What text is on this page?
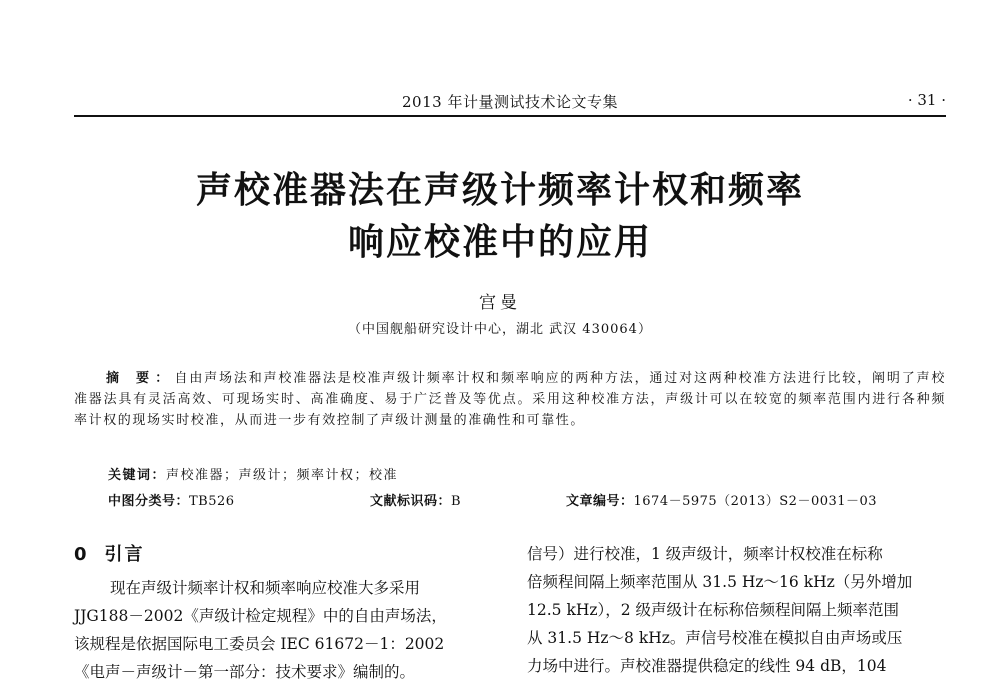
2013 年计量测试技术论文专集	· 31 ·
声校准器法在声级计频率计权和频率
响应校准中的应用
宫曼
（中国舰船研究设计中心，湖北 武汉 430064）
摘 要：自由声场法和声校准器法是校准声级计频率计权和频率响应的两种方法，通过对这两种校准方法进行比较，阐明了声校准器法具有灵活高效、可现场实时、高准确度、易于广泛普及等优点。采用这种校准方法，声级计可以在较宽的频率范围内进行各种频率计权的现场实时校准，从而进一步有效控制了声级计测量的准确性和可靠性。
关键词：声校准器；声级计；频率计权；校准
中图分类号：TB526	文献标识码：B	文章编号：1674－5975（2013）S2－0031－03
0 引言
现在声级计频率计权和频率响应校准大多采用
JJG188－2002《声级计检定规程》中的自由声场法，
该规程是依据国际电工委员会 IEC 61672－1：2002
《电声－声级计－第一部分：技术要求》编制的。
信号）进行校准，1 级声级计，频率计权校准在标称
倍频程间隔上频率范围从 31.5 Hz～16 kHz（另外增加
12.5 kHz），2 级声级计在标称倍频程间隔上频率范围
从 31.5 Hz～8 kHz。声信号校准在模拟自由声场或压
力场中进行。声校准器提供稳定的线性 94 dB，104
